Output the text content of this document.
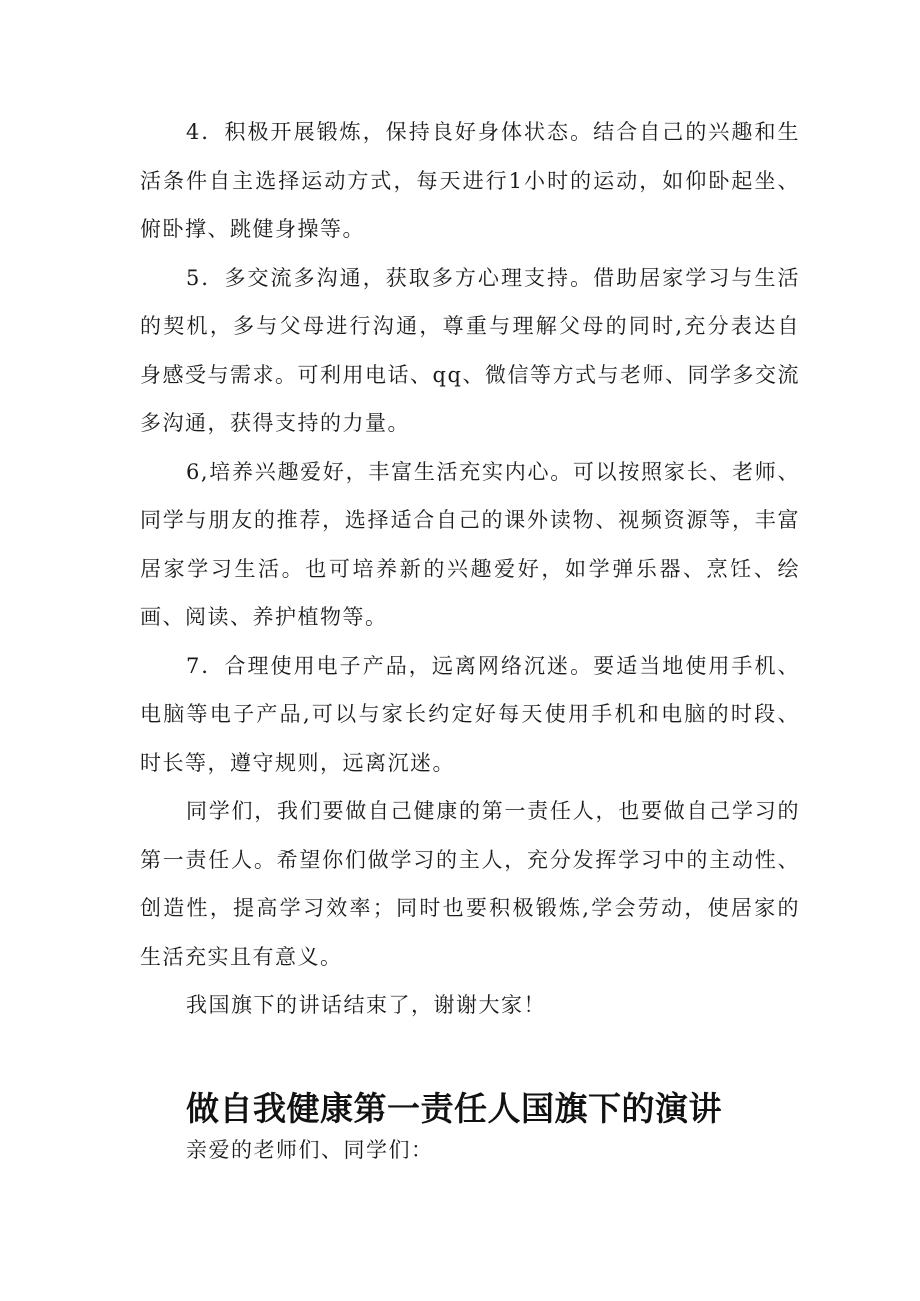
4．积极开展锻炼，保持良好身体状态。结合自己的兴趣和生活条件自主选择运动方式，每天进行1小时的运动，如仰卧起坐、俯卧撑、跳健身操等。

5．多交流多沟通，获取多方心理支持。借助居家学习与生活的契机，多与父母进行沟通，尊重与理解父母的同时,充分表达自身感受与需求。可利用电话、qq、微信等方式与老师、同学多交流多沟通，获得支持的力量。

6,培养兴趣爱好，丰富生活充实内心。可以按照家长、老师、同学与朋友的推荐，选择适合自己的课外读物、视频资源等，丰富居家学习生活。也可培养新的兴趣爱好，如学弹乐器、烹饪、绘画、阅读、养护植物等。

7．合理使用电子产品，远离网络沉迷。要适当地使用手机、电脑等电子产品,可以与家长约定好每天使用手机和电脑的时段、时长等，遵守规则，远离沉迷。

同学们，我们要做自己健康的第一责任人，也要做自己学习的第一责任人。希望你们做学习的主人，充分发挥学习中的主动性、创造性，提高学习效率；同时也要积极锻炼,学会劳动，使居家的生活充实且有意义。

我国旗下的讲话结束了，谢谢大家！

做自我健康第一责任人国旗下的演讲

亲爱的老师们、同学们：
